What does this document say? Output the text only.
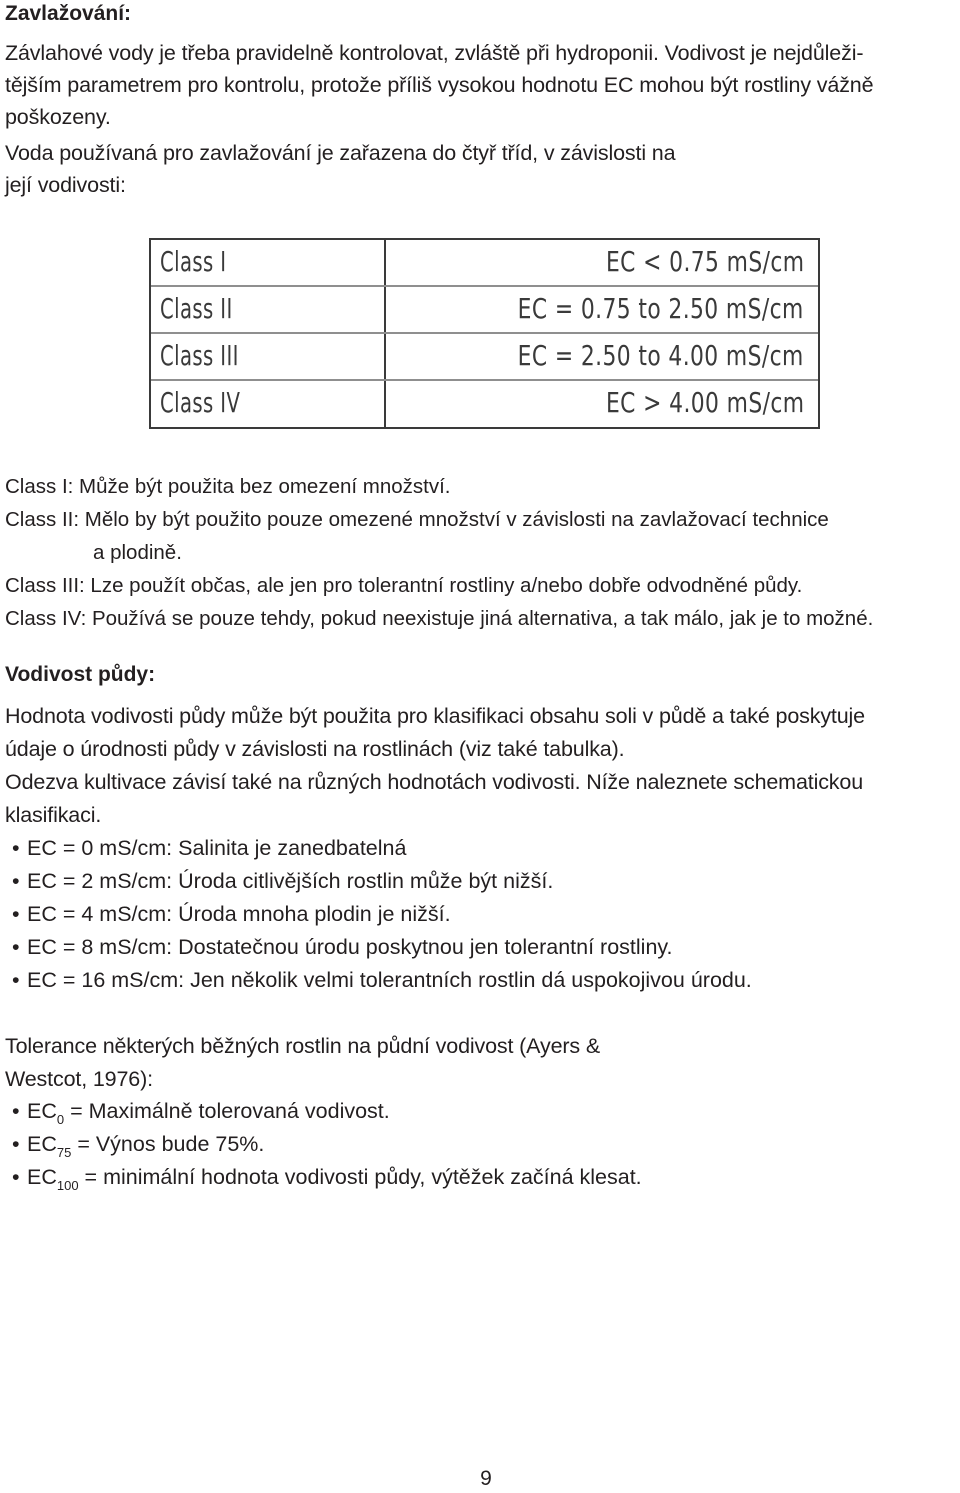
Zavlažování:

Závlahové vody je třeba pravidelně kontrolovat, zvláště při hydroponii. Vodivost je nejdůleži-
tějším parametrem pro kontrolu, protože příliš vysokou hodnotu EC mohou být rostliny vážně
poškozeny.

Voda používaná pro zavlažování je zařazena do čtyř tříd, v závislosti na
její vodivosti:

Class I	EC < 0.75 mS/cm
Class II	EC = 0.75 to 2.50 mS/cm
Class III	EC = 2.50 to 4.00 mS/cm
Class IV	EC > 4.00 mS/cm
Class I: Může být použita bez omezení množství.
Class II: Mělo by být použito pouze omezené množství v závislosti na zavlažovací technice
a plodině.
Class III: Lze použít občas, ale jen pro tolerantní rostliny a/nebo dobře odvodněné půdy.
Class IV: Používá se pouze tehdy, pokud neexistuje jiná alternativa, a tak málo, jak je to možné.
Vodivost půdy:

Hodnota vodivosti půdy může být použita pro klasifikaci obsahu soli v půdě a také poskytuje
údaje o úrodnosti půdy v závislosti na rostlinách (viz také tabulka).
Odezva kultivace závisí také na různých hodnotách vodivosti. Níže naleznete schematickou
klasifikaci.

• EC = 0 mS/cm: Salinita je zanedbatelná
• EC = 2 mS/cm: Úroda citlivějších rostlin může být nižší.
• EC = 4 mS/cm: Úroda mnoha plodin je nižší.
• EC = 8 mS/cm: Dostatečnou úrodu poskytnou jen tolerantní rostliny.
• EC = 16 mS/cm: Jen několik velmi tolerantních rostlin dá uspokojivou úrodu.

Tolerance některých běžných rostlin na půdní vodivost (Ayers &
Westcot, 1976):

• $EC_0$ = Maximálně tolerovaná vodivost.
• $EC_{75}$ = Výnos bude 75%.
• $EC_{100}$ = minimální hodnota vodivosti půdy, výtěžek začíná klesat.
9
